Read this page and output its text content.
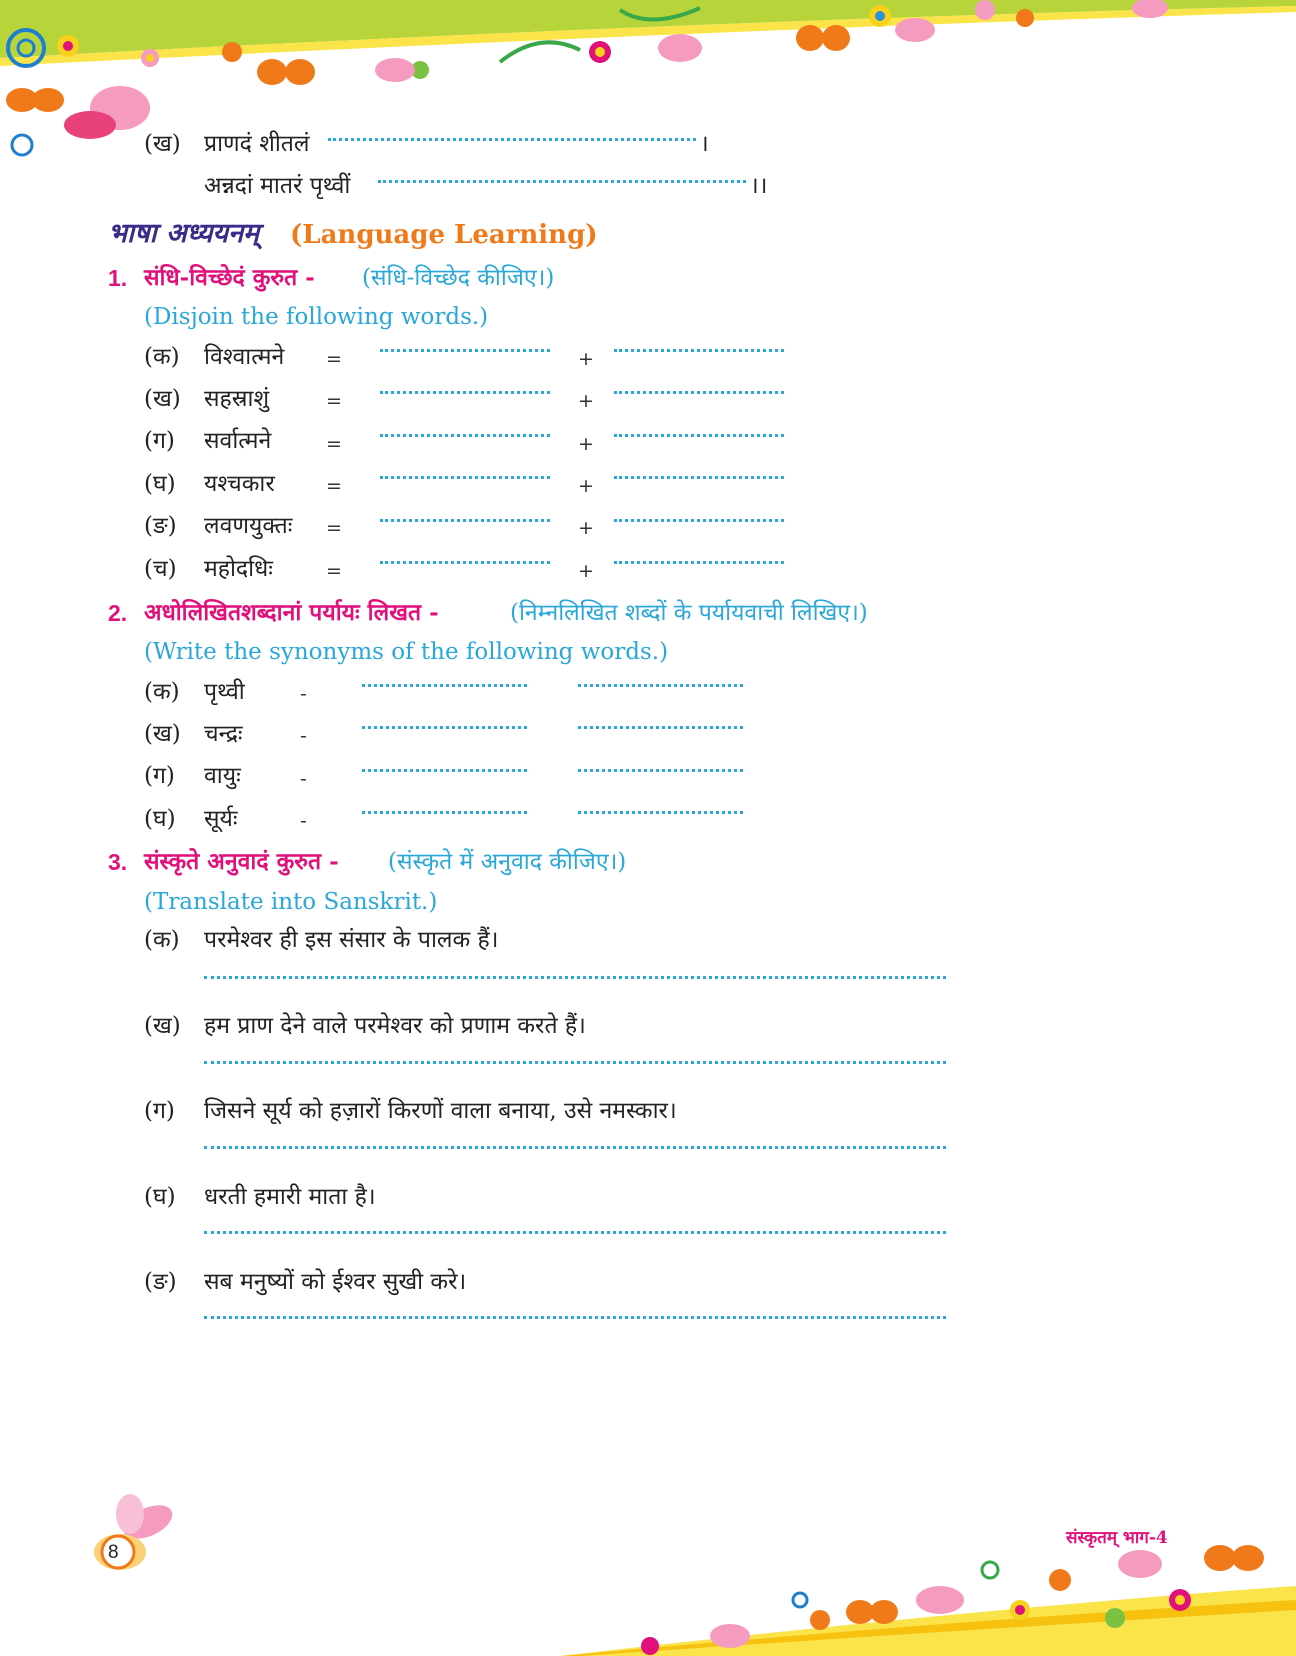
(ख) प्राणदं शीतलं	।
अन्नदां मातरं पृथ्वीं	।।
भाषा अध्ययनम् (Language Learning)
1. संधि-विच्छेदं कुरुत - (संधि-विच्छेद कीजिए।)
(Disjoin the following words.)
(क) विश्वात्मने =	+
(ख) सहस्राशुं	=	+
(ग) सर्वात्मने	=	+
(घ) यश्चकार	=	+
(ङ) लवणयुक्तः =	+
(च) महोदधिः	=	+
2. अधोलिखितशब्दानां पर्यायः लिखत -	(निम्नलिखित शब्दों के पर्यायवाची लिखिए।)
(Write the synonyms of the following words.)
(क) पृथ्वी	-
(ख) चन्द्रः	-
(ग) वायुः	-
(घ) सूर्यः	-
3. संस्कृते अनुवादं कुरुत - (संस्कृते में अनुवाद कीजिए।)
(Translate into Sanskrit.)
(क) परमेश्वर ही इस संसार के पालक हैं।
(ख) हम प्राण देने वाले परमेश्वर को प्रणाम करते हैं।
(ग) जिसने सूर्य को हज़ारों किरणों वाला बनाया, उसे नमस्कार।
(घ) धरती हमारी माता है।
(ङ) सब मनुष्यों को ईश्वर सुखी करे।
8
संस्कृतम् भाग-4
